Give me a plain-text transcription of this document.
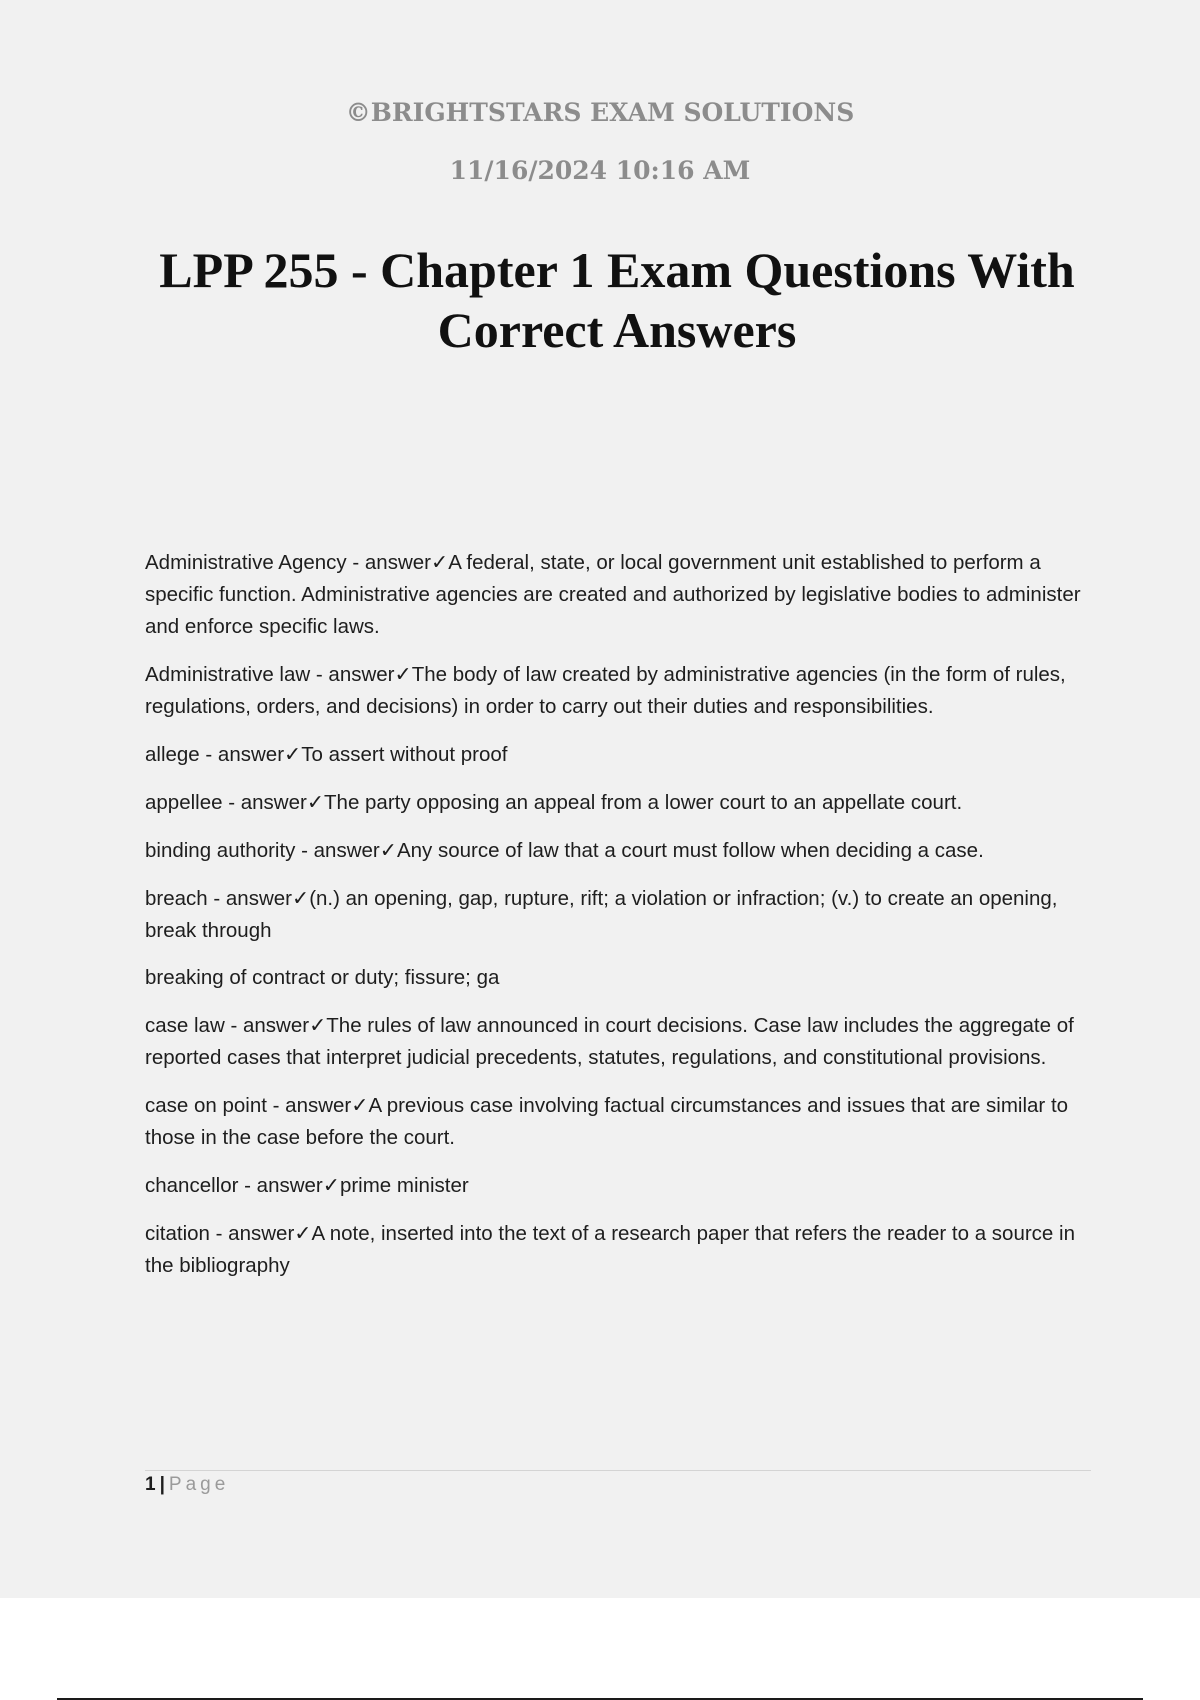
©BRIGHTSTARS EXAM SOLUTIONS
11/16/2024 10:16 AM
LPP 255 - Chapter 1 Exam Questions With Correct Answers

Administrative Agency - answer✓A federal, state, or local government unit established to perform a specific function. Administrative agencies are created and authorized by legislative bodies to administer and enforce specific laws.

Administrative law - answer✓The body of law created by administrative agencies (in the form of rules, regulations, orders, and decisions) in order to carry out their duties and responsibilities.

allege - answer✓To assert without proof

appellee - answer✓The party opposing an appeal from a lower court to an appellate court.

binding authority - answer✓Any source of law that a court must follow when deciding a case.

breach - answer✓(n.) an opening, gap, rupture, rift; a violation or infraction; (v.) to create an opening, break through

breaking of contract or duty; fissure; ga

case law - answer✓The rules of law announced in court decisions. Case law includes the aggregate of reported cases that interpret judicial precedents, statutes, regulations, and constitutional provisions.

case on point - answer✓A previous case involving factual circumstances and issues that are similar to those in the case before the court.

chancellor - answer✓prime minister

citation - answer✓A note, inserted into the text of a research paper that refers the reader to a source in the bibliography

1 | Page
